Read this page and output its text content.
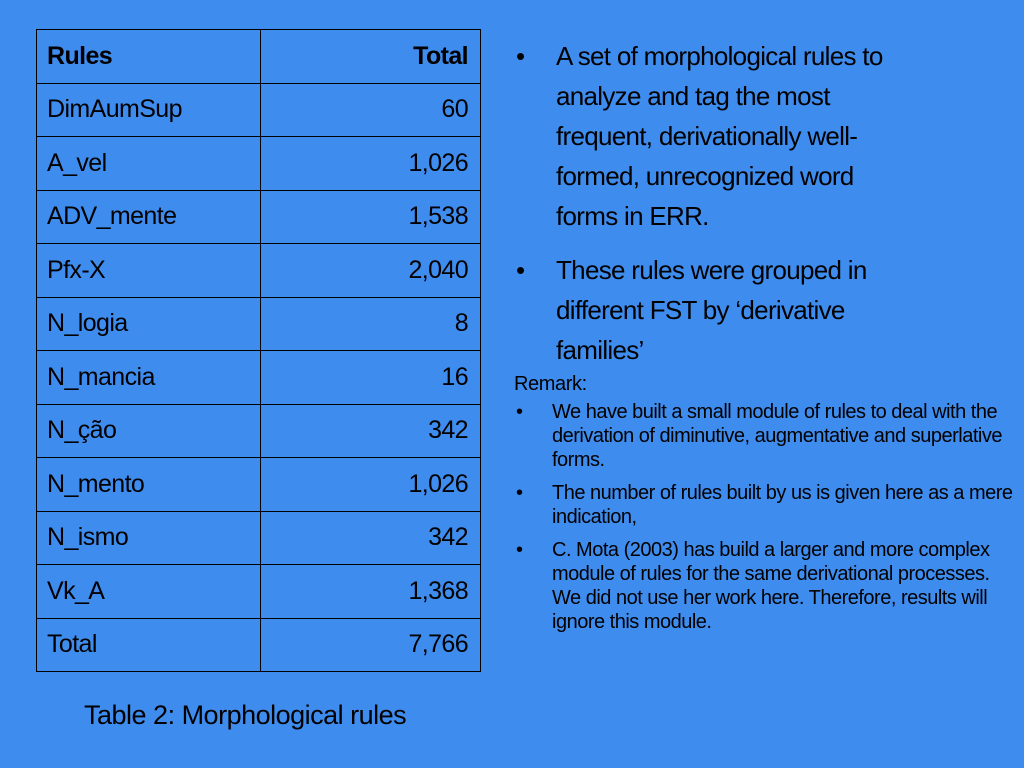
Rules	Total
DimAumSup	60
A_vel	1,026
ADV_mente	1,538
Pfx-X	2,040
N_logia	8
N_mancia	16
N_ção	342
N_mento	1,026
N_ismo	342
Vk_A	1,368
Total	7,766
Table 2: Morphological rules
• A set of morphological rules to analyze and tag the most frequent, derivationally well-formed, unrecognized word forms in ERR.
• These rules were grouped in different FST by ‘derivative families’
Remark:
• We have built a small module of rules to deal with the derivation of diminutive, augmentative and superlative forms.
• The number of rules built by us is given here as a mere indication,
• C. Mota (2003) has build a larger and more complex module of rules for the same derivational processes. We did not use her work here. Therefore, results will ignore this module.
